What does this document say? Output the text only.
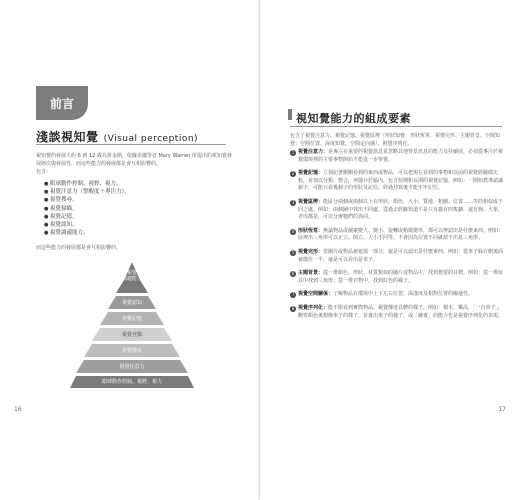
前言
淺談視知覺 (Visual perception)
視知覺的發展大約 6 到 12 歲為黃金期，依據美國學者 Mary Warren 所提出的視知覺發展層次與發展性，而這些能力的發展都是會互相影響的。
包含：
● 眼球動作控制、視野、視力。
● 視覺注意力（警醒度＋專注力）。
● 視覺搜尋。
● 視覺掃瞄。
● 視覺記憶。
● 視覺認知。
● 視覺調適能力。
而這些能力的發展都是會互相影響的。
視覺
調適能力
視覺認知
視覺記憶
視覺登錄
視覺搜尋
視覺注意力
眼球動作控制、視野、視力
16
視知覺能力的組成要素
包含了視覺注意力、視覺記憶、視覺區辨（形狀知覺：形狀恆常、視覺完形、主題背景、空間知覺：空間位置、深度知覺、空間定向感）、視覺序列化。
1 視覺注意力：是專注在重要的視覺訊息並忽略其他背景訊息的能力及持續度，必須從專注於視覺環境裡的主要事物開始才能進一步察覺。
2 視覺記憶：立刻記著剛剛看到的東西或物品，可以把現在看到的事物和以前的視覺經驗做比較，並加以分類。整合，再儲存於腦內，包含短期和長期的視覺記憶。例如：一開始教導認識新字，可能只看幾個字的形狀及記住，經過抄寫後才能牢牢記住。
3 視覺區辨：能區分兩個或兩個以上在形狀、顏色、大小、質地、粗細、位置……等的相似或不同之處。例如：兩個圖中找出不同處，從過去經驗知道不是只有貓有四隻腳，還有狗、大象、老虎都是，可以分辨牠們的異同。
4 形狀恆常：無論物品或圖案變大、變小、旋轉或稍微變形，都可以辨認出是什麼東西。例如：區辨出三角形可以正立、倒立、大小不同等，不會因為位置不同就認不出是三角形。
5 視覺完形：當圖片或物品被遮擋一部分，還是可以認出是什麼東西。例如：當車子躲在樹後面被擋住一半，還是可以看出是車子。
6 主題背景：從一堆顏色、形狀、材質類似的圖片或物品中，找到想要的目標。例如：從一堆玩具中找到三角形；從一堆衣物中，找到紅色的襪子。
7 視覺空間關係：了解物品在環境中上下左右位置，深淺度及相對位置的關連性。
8 視覺序列化：能不限看到實際物品、視覺傳達具體的樣子，例如：積木、樂高，「一台車子」，觀察顏色後想像車子的樣子，並畫出車子的樣子，或「繪畫」的能力也是視覺序列化的表現。
17
